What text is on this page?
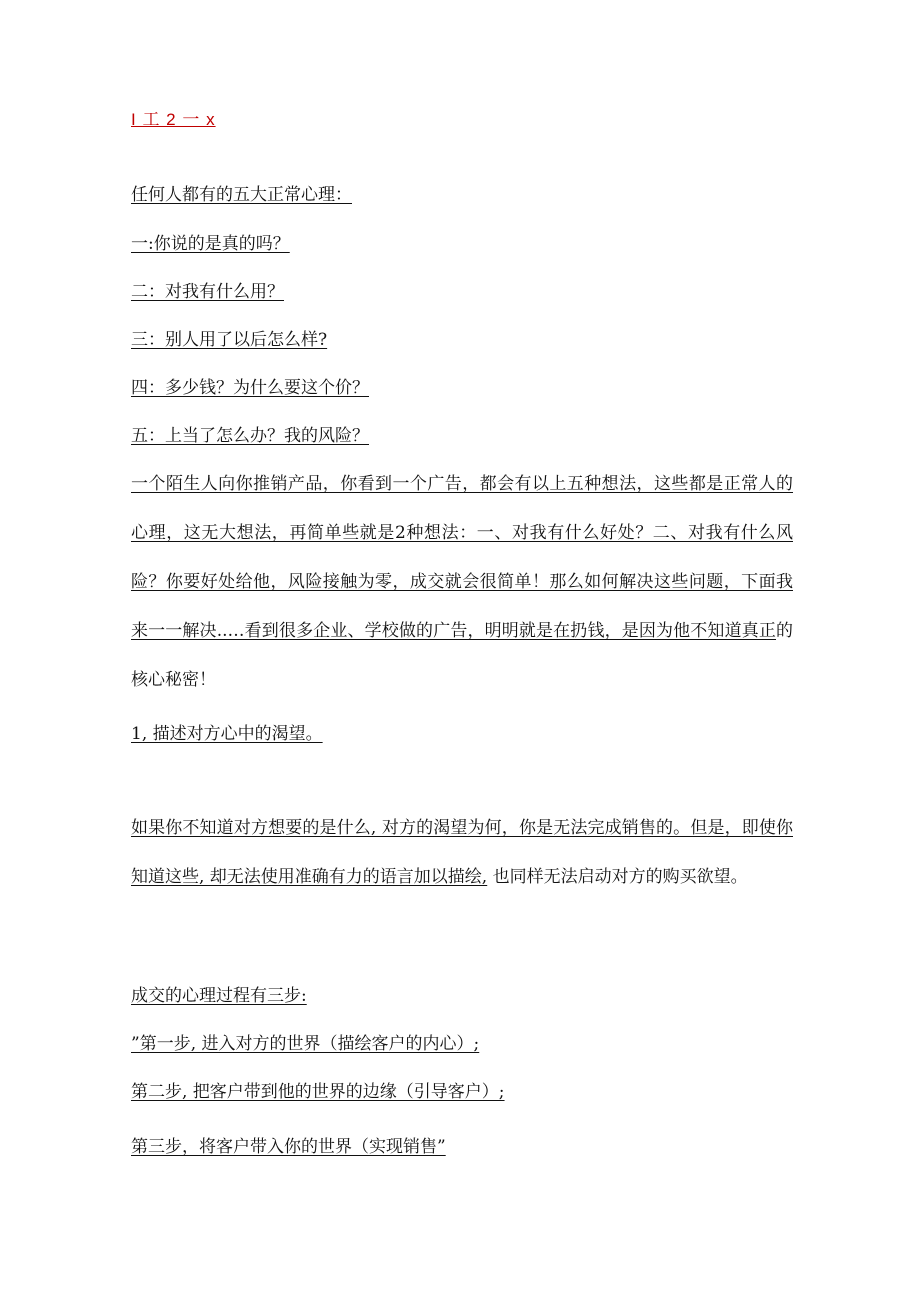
I 工 2 一 x
任何人都有的五大正常心理：
一:你说的是真的吗？
二：对我有什么用？
三：别人用了以后怎么样?
四：多少钱？为什么要这个价？
五：上当了怎么办？我的风险？
一个陌生人向你推销产品，你看到一个广告，都会有以上五种想法，这些都是正常人的心理，这无大想法，再简单些就是2种想法：一、对我有什么好处？二、对我有什么风险？你要好处给他，风险接触为零，成交就会很简单！那么如何解决这些问题，下面我来一一解决..…看到很多企业、学校做的广告，明明就是在扔钱，是因为他不知道真正的核心秘密！
1, 描述对方心中的渴望。
如果你不知道对方想要的是什么, 对方的渴望为何，你是无法完成销售的。但是，即使你知道这些, 却无法使用准确有力的语言加以描绘, 也同样无法启动对方的购买欲望。
成交的心理过程有三步:
”第一步, 进入对方的世界（描绘客户的内心）;
第二步, 把客户带到他的世界的边缘（引导客户）;
第三步，将客户带入你的世界（实现销售”
